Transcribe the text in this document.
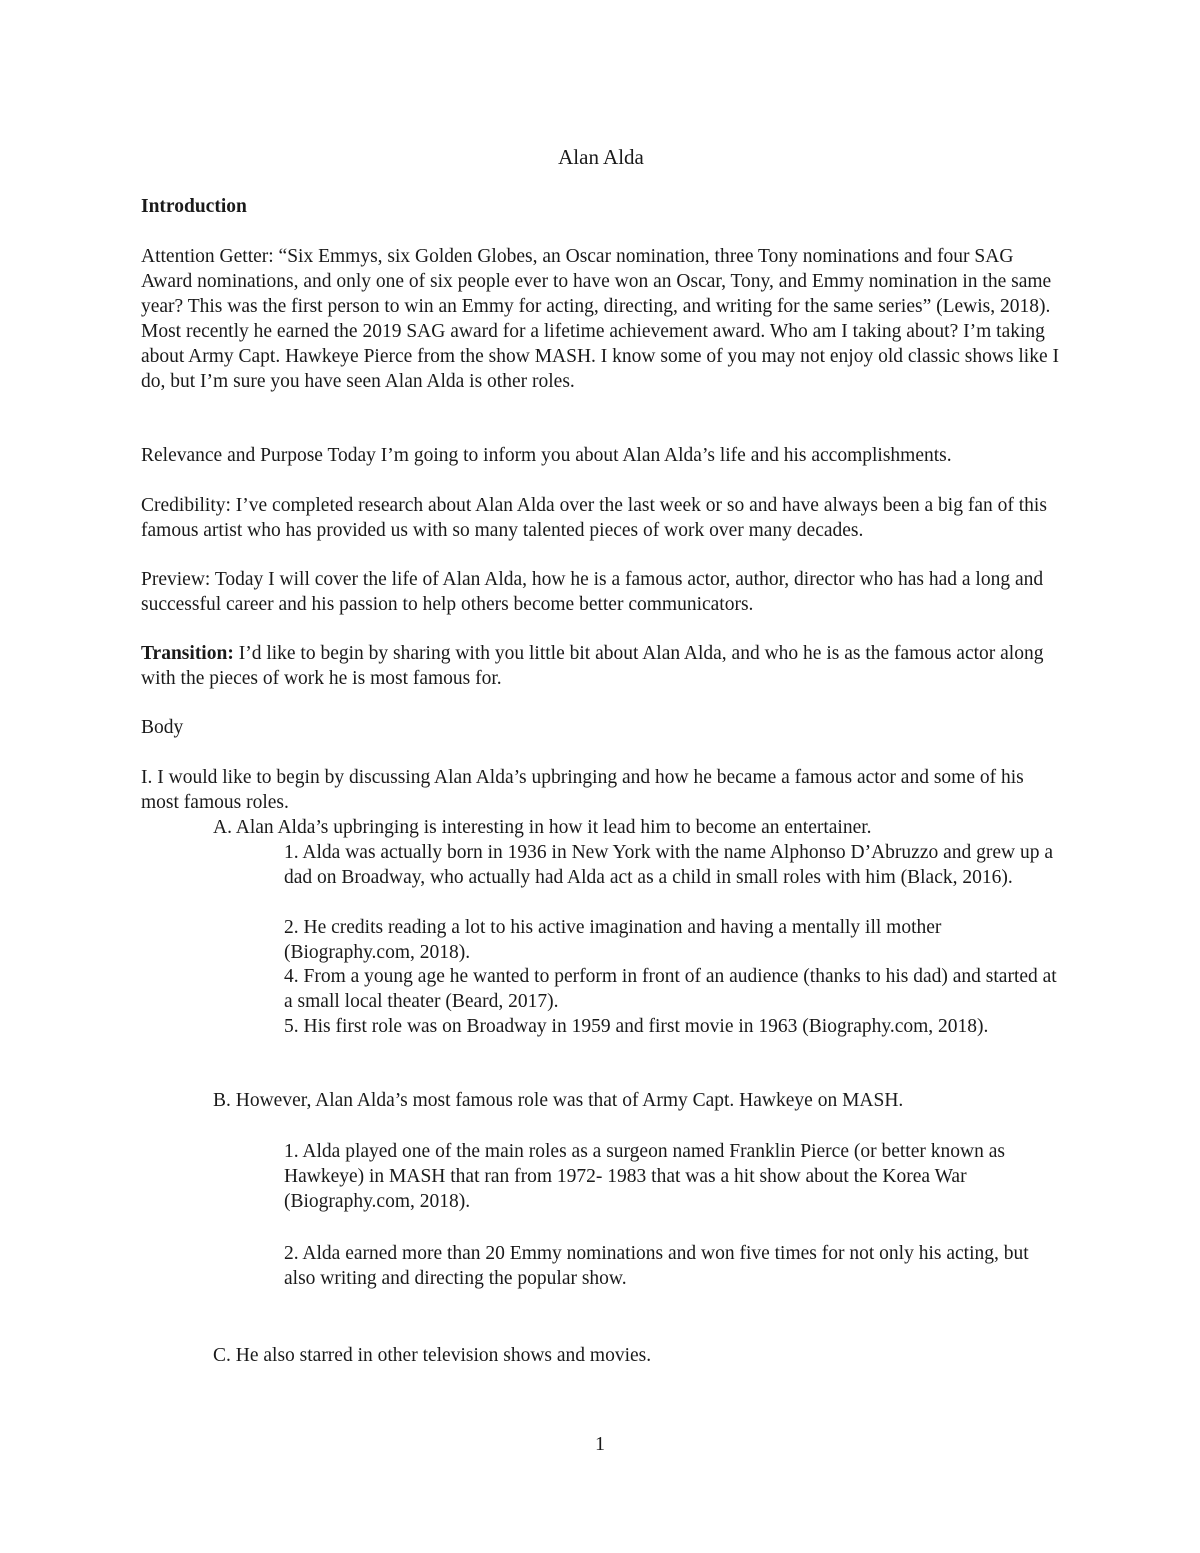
Alan Alda

Introduction

Attention Getter: “Six Emmys, six Golden Globes, an Oscar nomination, three Tony nominations and four SAG Award nominations, and only one of six people ever to have won an Oscar, Tony, and Emmy nomination in the same year? This was the first person to win an Emmy for acting, directing, and writing for the same series” (Lewis, 2018). Most recently he earned the 2019 SAG award for a lifetime achievement award. Who am I taking about? I’m taking about Army Capt. Hawkeye Pierce from the show MASH. I know some of you may not enjoy old classic shows like I do, but I’m sure you have seen Alan Alda is other roles.

Relevance and Purpose Today I’m going to inform you about Alan Alda’s life and his accomplishments.

Credibility: I’ve completed research about Alan Alda over the last week or so and have always been a big fan of this famous artist who has provided us with so many talented pieces of work over many decades.

Preview: Today I will cover the life of Alan Alda, how he is a famous actor, author, director who has had a long and successful career and his passion to help others become better communicators.

Transition: I’d like to begin by sharing with you little bit about Alan Alda, and who he is as the famous actor along with the pieces of work he is most famous for.

Body

I. I would like to begin by discussing Alan Alda’s upbringing and how he became a famous actor and some of his most famous roles.

A. Alan Alda’s upbringing is interesting in how it lead him to become an entertainer.

1. Alda was actually born in 1936 in New York with the name Alphonso D’Abruzzo and grew up a dad on Broadway, who actually had Alda act as a child in small roles with him (Black, 2016).

2. He credits reading a lot to his active imagination and having a mentally ill mother (Biography.com, 2018).

4. From a young age he wanted to perform in front of an audience (thanks to his dad) and started at a small local theater (Beard, 2017).

5. His first role was on Broadway in 1959 and first movie in 1963 (Biography.com, 2018).

B. However, Alan Alda’s most famous role was that of Army Capt. Hawkeye on MASH.

1. Alda played one of the main roles as a surgeon named Franklin Pierce (or better known as Hawkeye) in MASH that ran from 1972- 1983 that was a hit show about the Korea War (Biography.com, 2018).

2. Alda earned more than 20 Emmy nominations and won five times for not only his acting, but also writing and directing the popular show.

C. He also starred in other television shows and movies.

1
